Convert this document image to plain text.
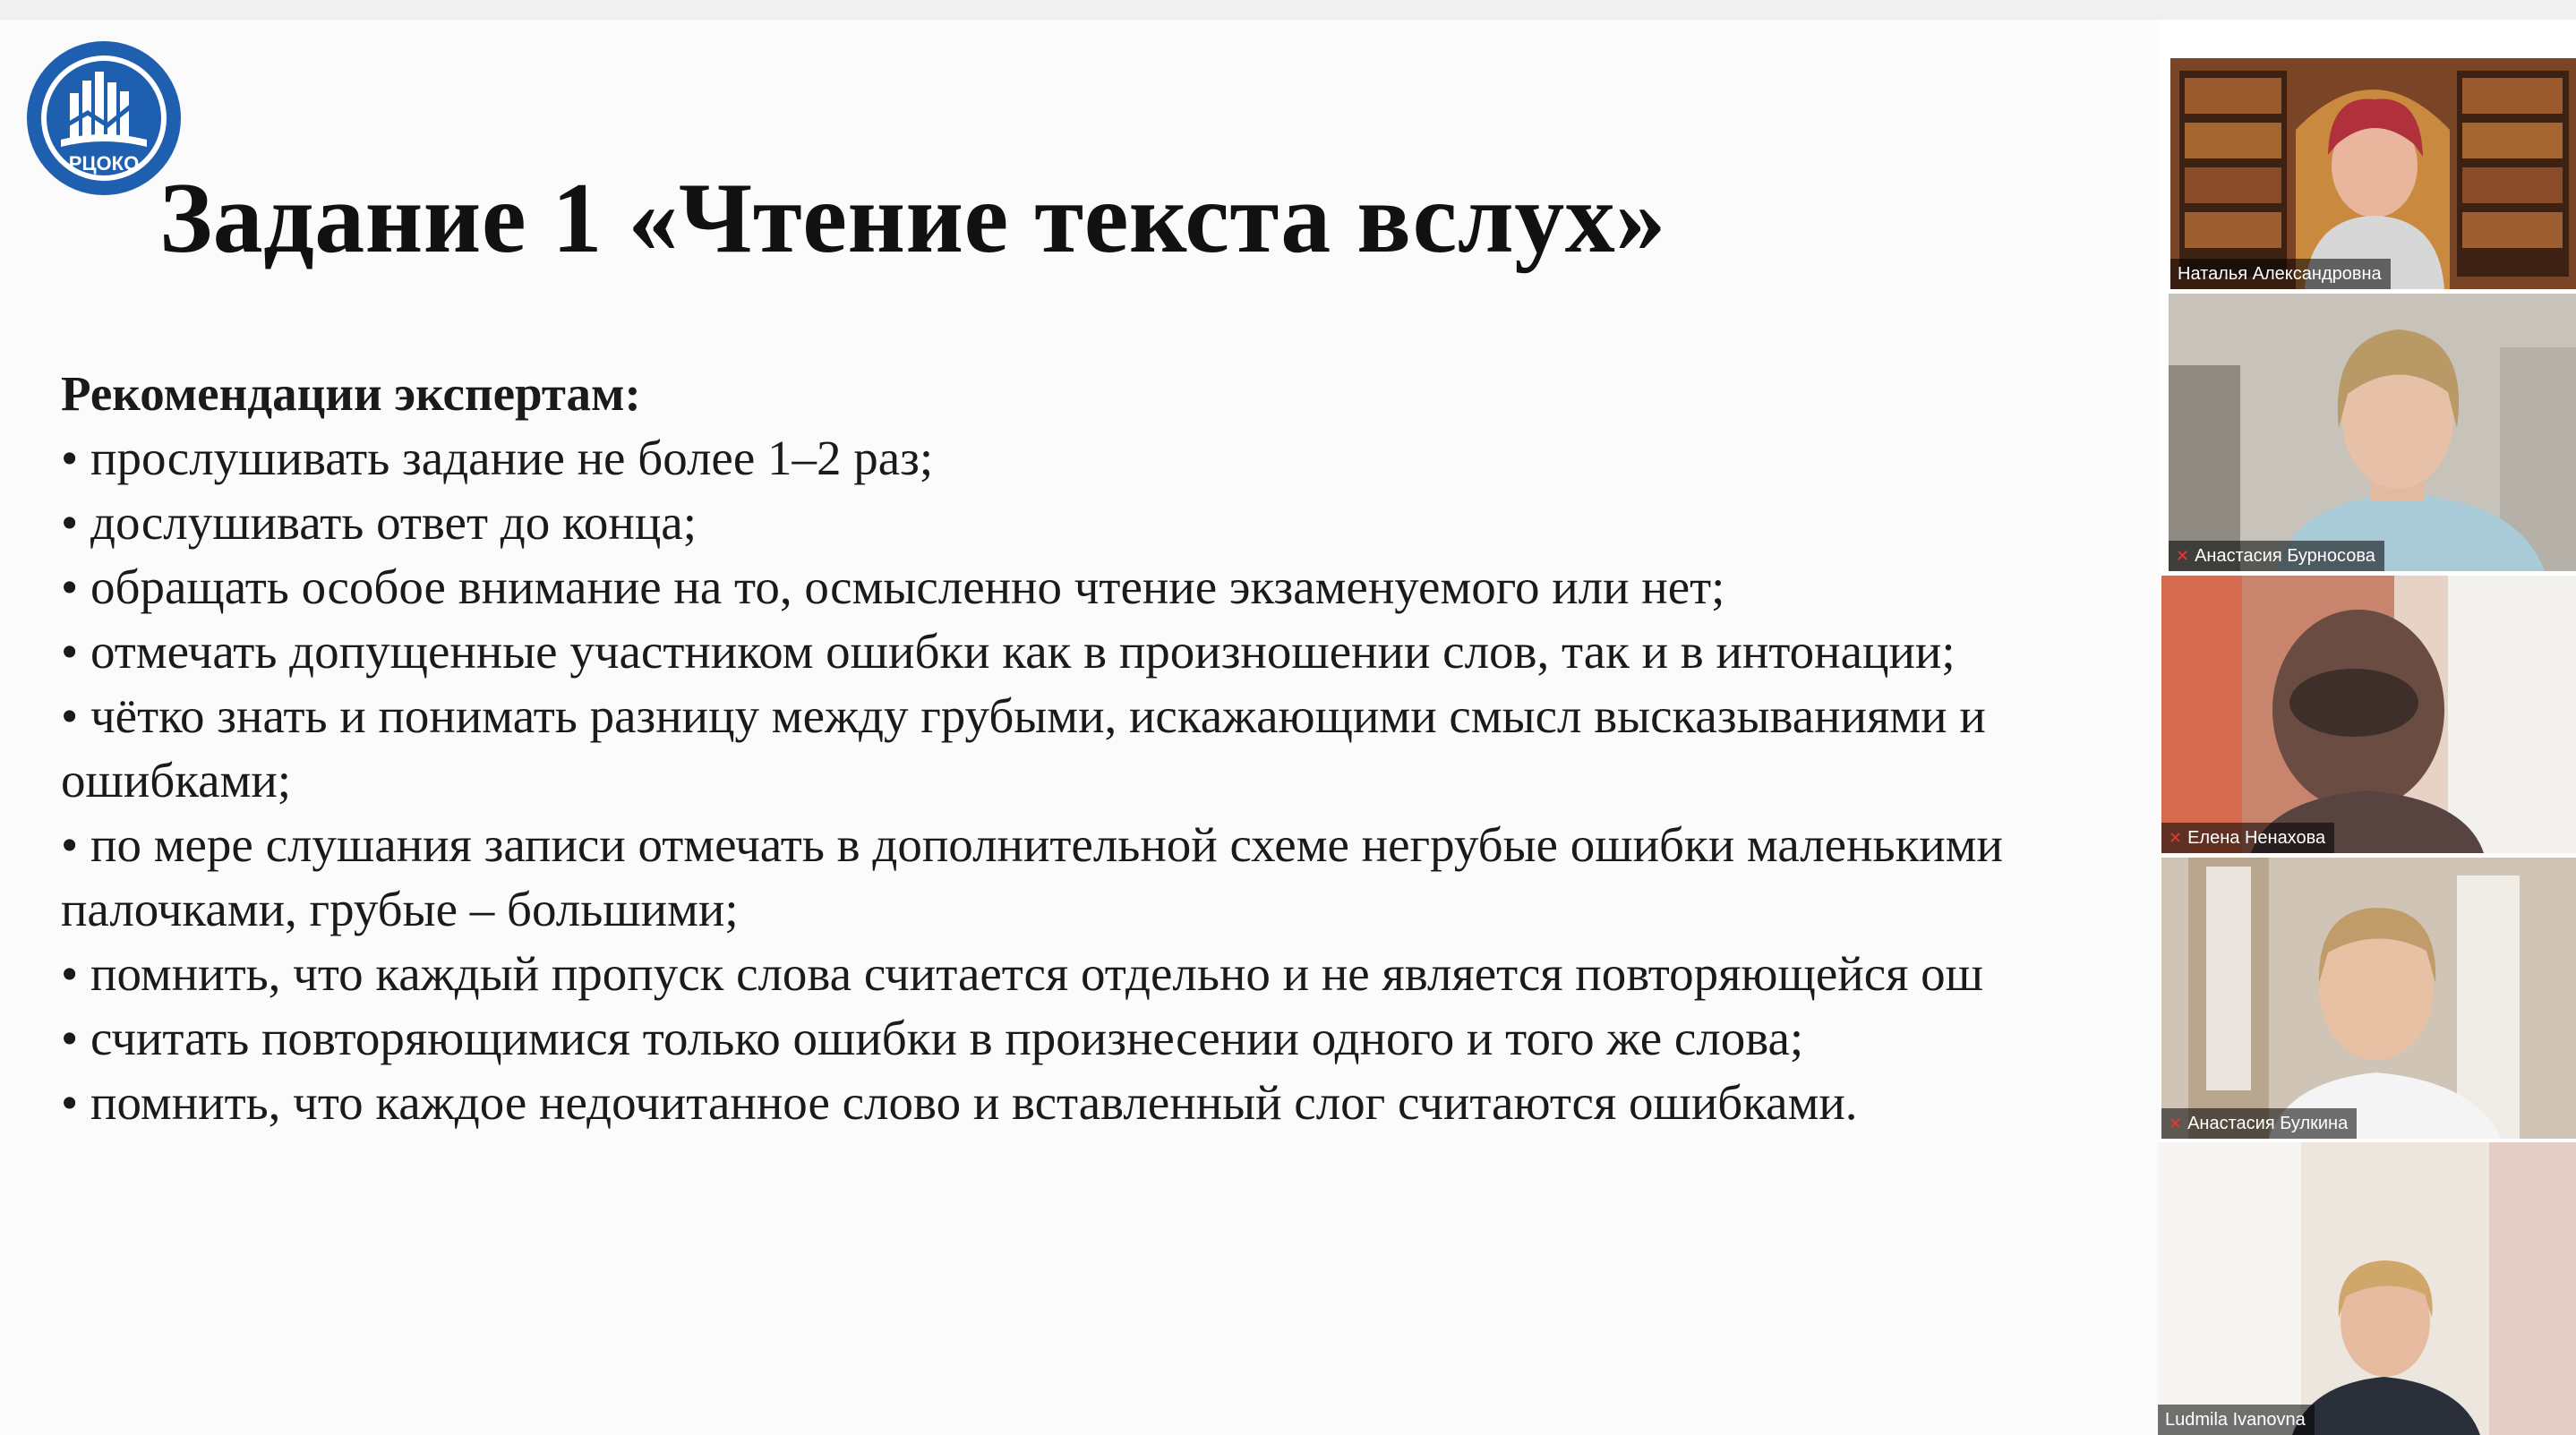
РЦОКО Задание 1 «Чтение текста вслух»
Рекомендации экспертам:
• прослушивать задание не более 1–2 раз;
• дослушивать ответ до конца;
• обращать особое внимание на то, осмысленно чтение экзаменуемого или нет;
• отмечать допущенные участником ошибки как в произношении слов, так и в интонации;
• чётко знать и понимать разницу между грубыми, искажающими смысл высказываниями и
ошибками;
• по мере слушания записи отмечать в дополнительной схеме негрубые ошибки маленькими
палочками, грубые – большими;
• помнить, что каждый пропуск слова считается отдельно и не является повторяющейся ош
• считать повторяющимися только ошибки в произнесении одного и того же слова;
• помнить, что каждое недочитанное слово и вставленный слог считаются ошибками.
Наталья Александровна
✕ Анастасия Бурносова
✕ Елена Ненахова
✕ Анастасия Булкина
Ludmila Ivanovna
